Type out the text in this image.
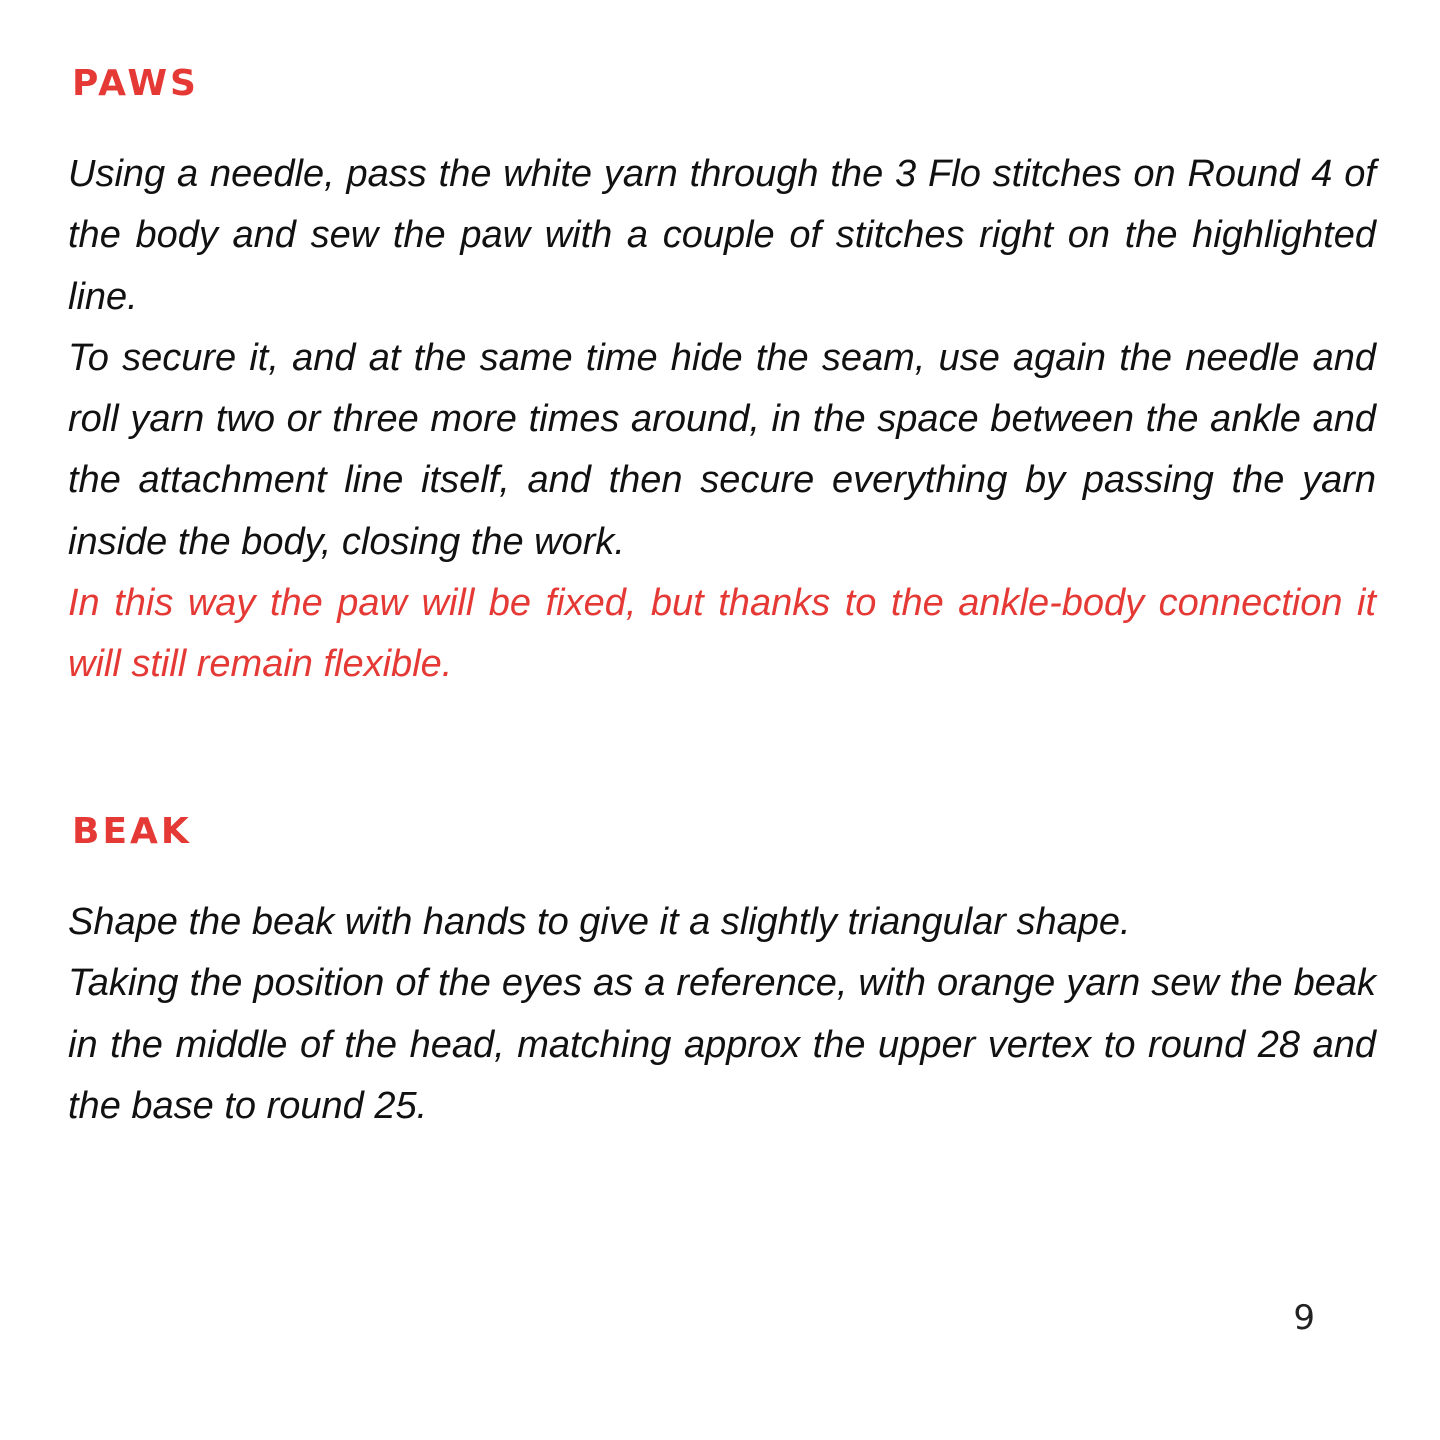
PAWS

Using a needle, pass the white yarn through the 3 Flo stitches on Round 4 of the body and sew the paw with a couple of stitches right on the highlighted line.

To secure it, and at the same time hide the seam, use again the needle and roll yarn two or three more times around, in the space between the ankle and the attachment line itself, and then secure everything by passing the yarn inside the body, closing the work.

In this way the paw will be fixed, but thanks to the ankle-body connection it will still remain flexible.

BEAK

Shape the beak with hands to give it a slightly triangular shape.

Taking the position of the eyes as a reference, with orange yarn sew the beak in the middle of the head, matching approx the upper vertex to round 28 and the base to round 25.

9
